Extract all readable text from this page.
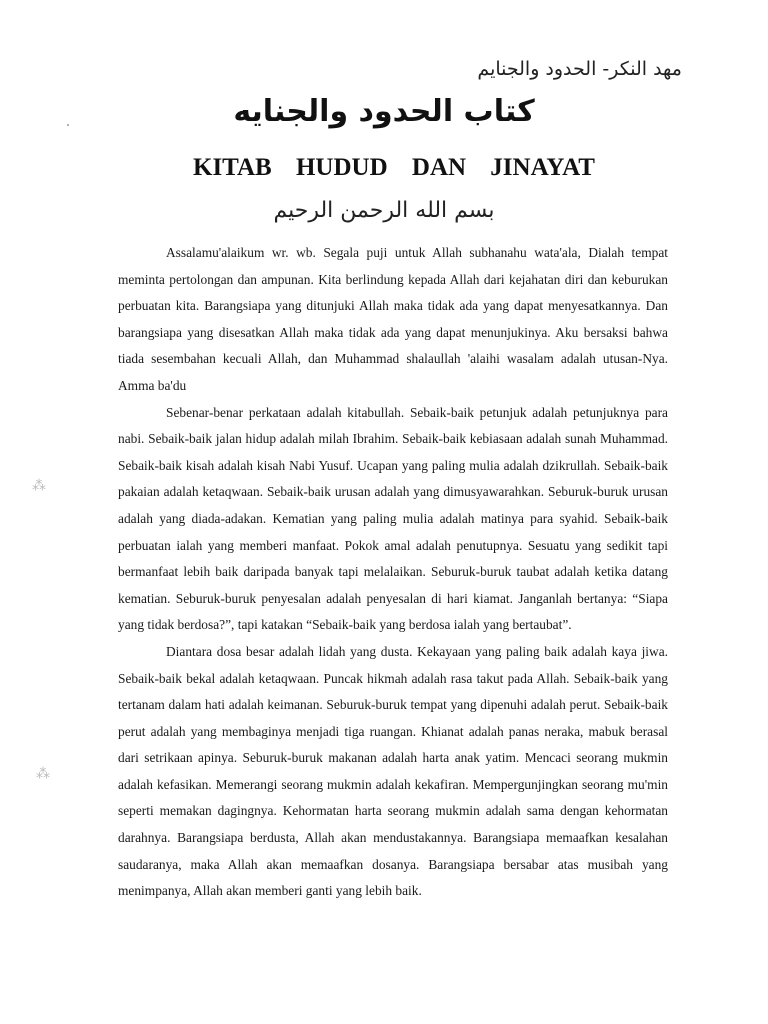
مهد النكر- الحدود والجنايم
كتاب الحدود والجنايه
KITAB HUDUD DAN JINAYAT
بسم الله الرحمن الرحيم

Assalamu'alaikum wr. wb. Segala puji untuk Allah subhanahu wata'ala, Dialah tempat meminta pertolongan dan ampunan. Kita berlindung kepada Allah dari kejahatan diri dan keburukan perbuatan kita. Barangsiapa yang ditunjuki Allah maka tidak ada yang dapat menyesatkannya. Dan barangsiapa yang disesatkan Allah maka tidak ada yang dapat menunjukinya. Aku bersaksi bahwa tiada sesembahan kecuali Allah, dan Muhammad shalaullah 'alaihi wasalam adalah utusan-Nya. Amma ba'du

Sebenar-benar perkataan adalah kitabullah. Sebaik-baik petunjuk adalah petunjuknya para nabi. Sebaik-baik jalan hidup adalah milah Ibrahim. Sebaik-baik kebiasaan adalah sunah Muhammad. Sebaik-baik kisah adalah kisah Nabi Yusuf. Ucapan yang paling mulia adalah dzikrullah. Sebaik-baik pakaian adalah ketaqwaan. Sebaik-baik urusan adalah yang dimusyawarahkan. Seburuk-buruk urusan adalah yang diada-adakan. Kematian yang paling mulia adalah matinya para syahid. Sebaik-baik perbuatan ialah yang memberi manfaat. Pokok amal adalah penutupnya. Sesuatu yang sedikit tapi bermanfaat lebih baik daripada banyak tapi melalaikan. Seburuk-buruk taubat adalah ketika datang kematian. Seburuk-buruk penyesalan adalah penyesalan di hari kiamat. Janganlah bertanya: “Siapa yang tidak berdosa?”, tapi katakan “Sebaik-baik yang berdosa ialah yang bertaubat”.

Diantara dosa besar adalah lidah yang dusta. Kekayaan yang paling baik adalah kaya jiwa. Sebaik-baik bekal adalah ketaqwaan. Puncak hikmah adalah rasa takut pada Allah. Sebaik-baik yang tertanam dalam hati adalah keimanan. Seburuk-buruk tempat yang dipenuhi adalah perut. Sebaik-baik perut adalah yang membaginya menjadi tiga ruangan. Khianat adalah panas neraka, mabuk berasal dari setrikaan apinya. Seburuk-buruk makanan adalah harta anak yatim. Mencaci seorang mukmin adalah kefasikan. Memerangi seorang mukmin adalah kekafiran. Mempergunjingkan seorang mu'min seperti memakan dagingnya. Kehormatan harta seorang mukmin adalah sama dengan kehormatan darahnya. Barangsiapa berdusta, Allah akan mendustakannya. Barangsiapa memaafkan kesalahan saudaranya, maka Allah akan memaafkan dosanya. Barangsiapa bersabar atas musibah yang menimpanya, Allah akan memberi ganti yang lebih baik.

⁂
⁂
